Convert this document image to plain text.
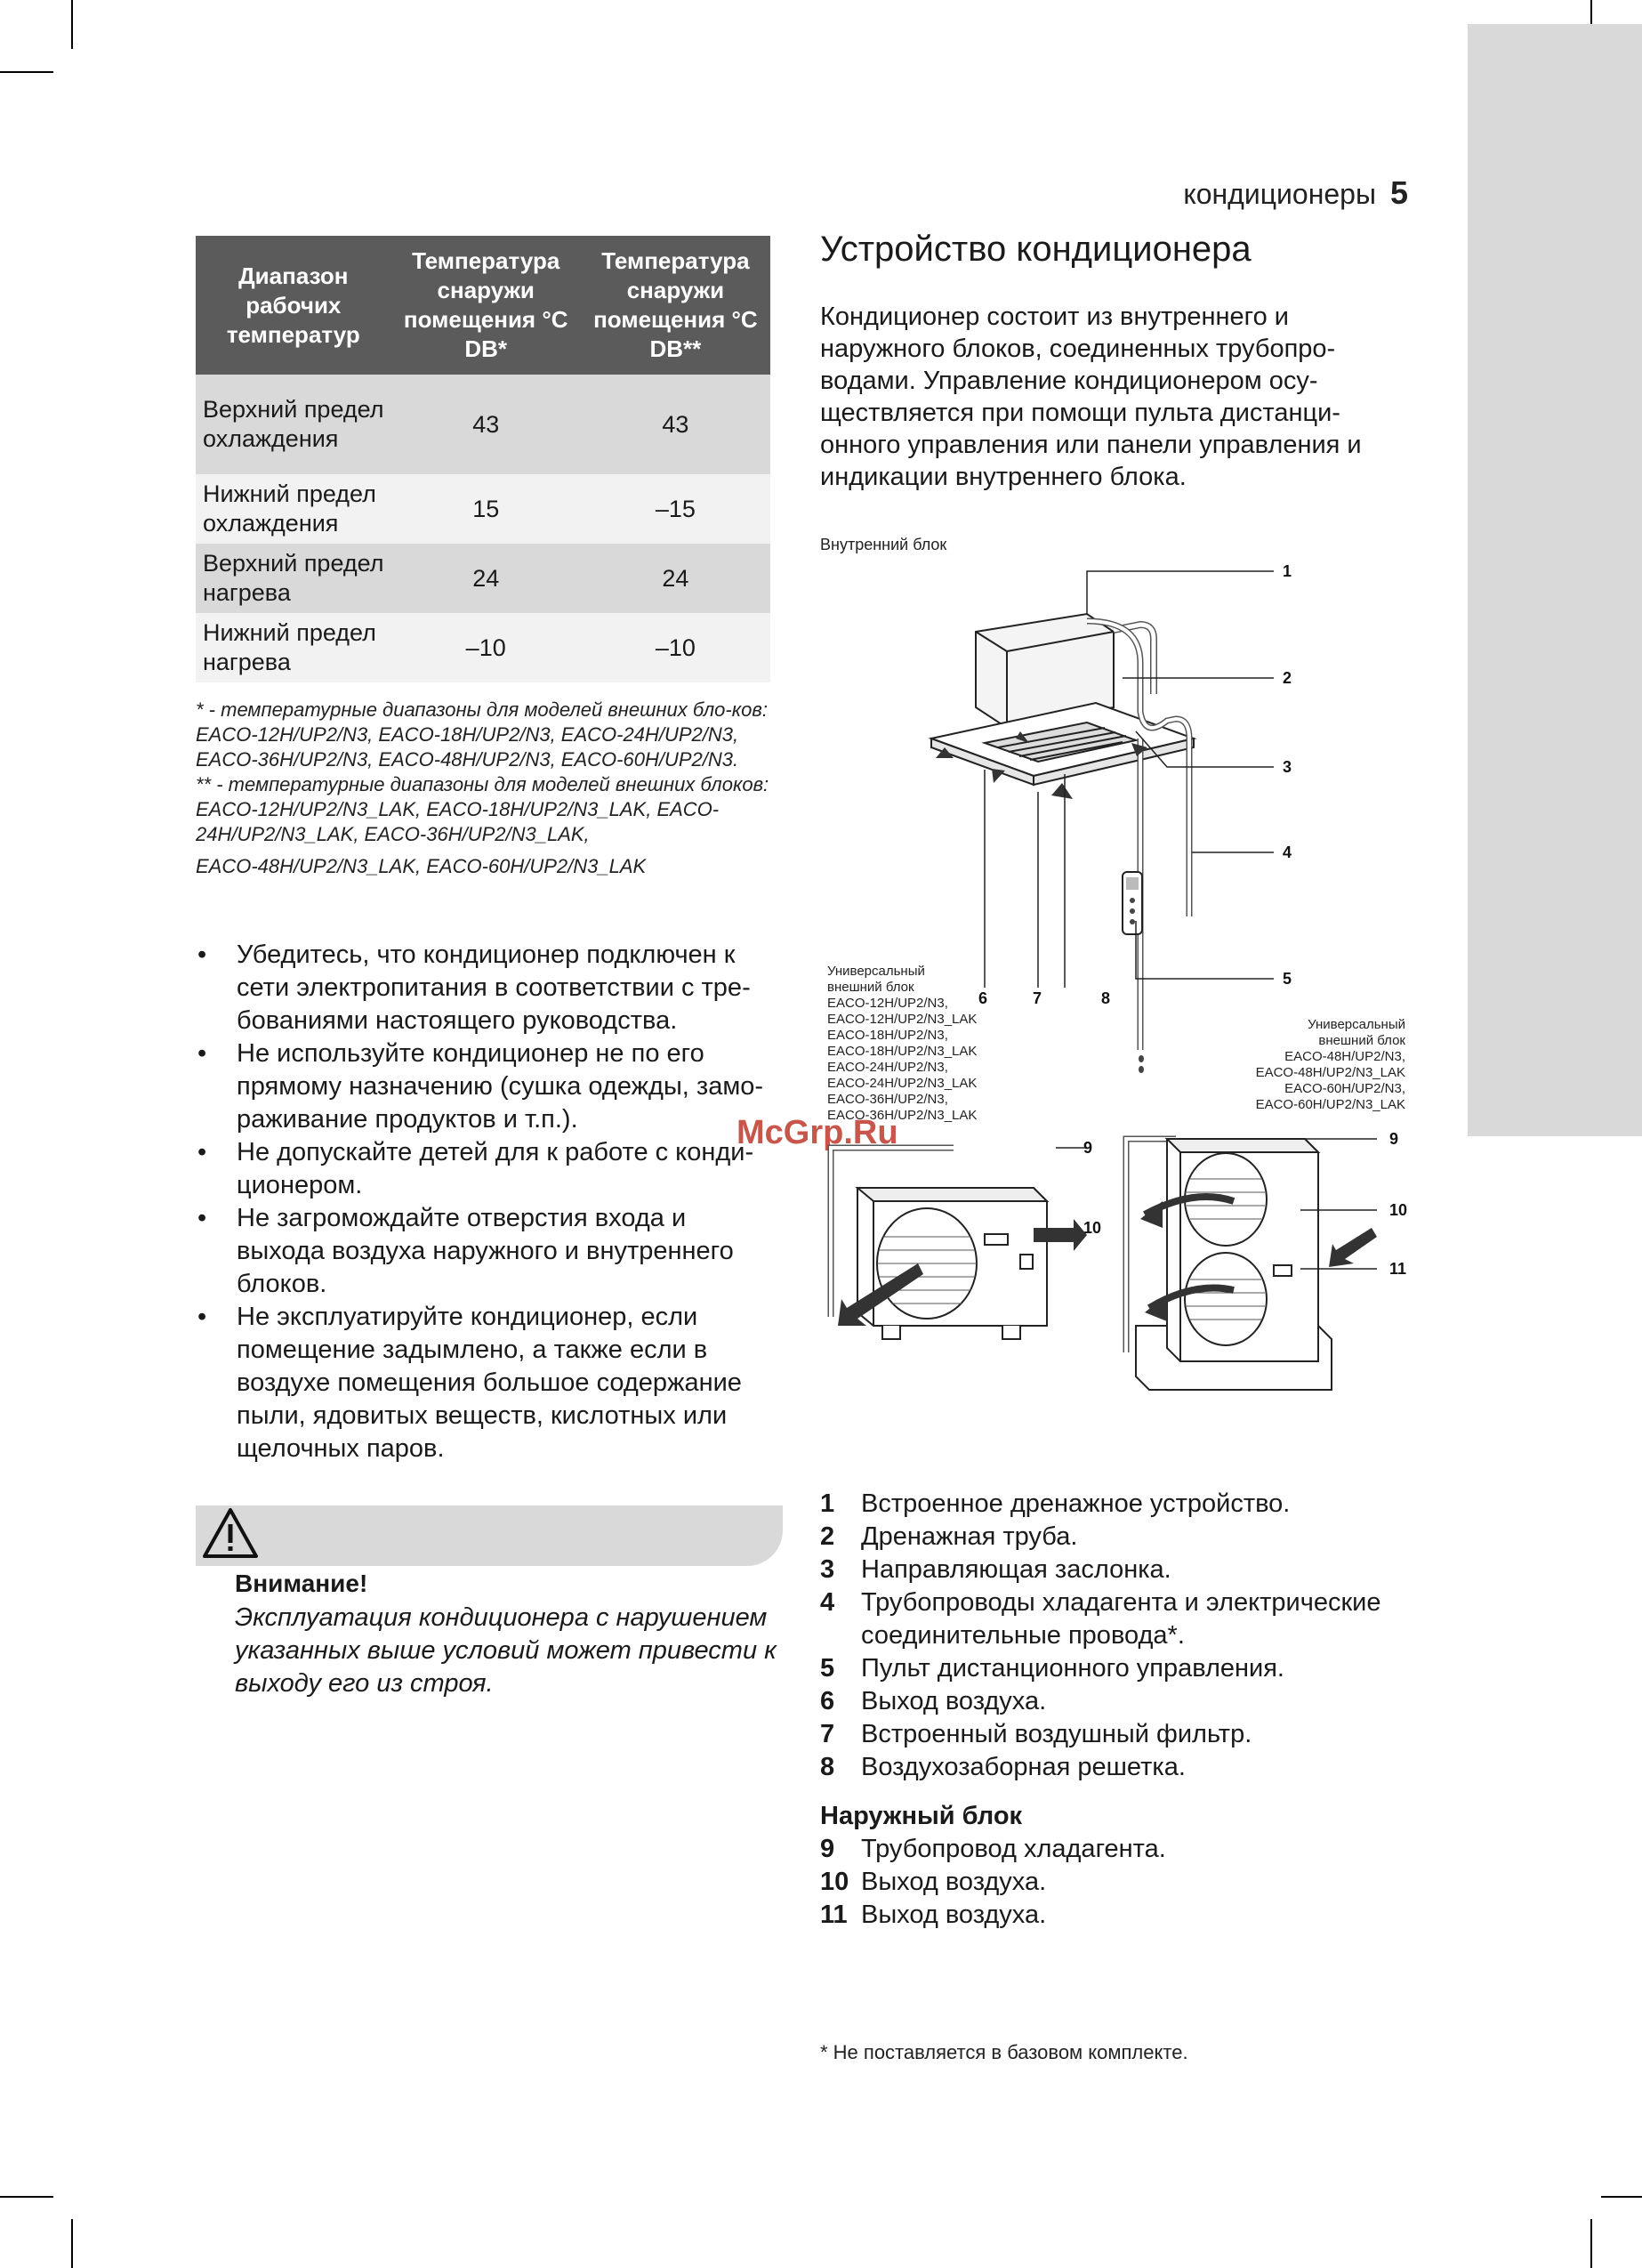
кондиционеры 5
Диапазон рабочих температур	Температура снаружи помещения °C DB*	Температура снаружи помещения °C DB**
Верхний предел охлаждения	43	43
Нижний предел охлаждения	15	–15
Верхний предел нагрева	24	24
Нижний предел нагрева	–10	–10

* - температурные диапазоны для моделей внешних бло-ков: EACO-12H/UP2/N3, EACO-18H/UP2/N3, EACO-24H/UP2/N3, EACO-36H/UP2/N3, EACO-48H/UP2/N3, EACO-60H/UP2/N3.

** - температурные диапазоны для моделей внешних блоков: EACO-12H/UP2/N3_LAK, EACO-18H/UP2/N3_LAK, EACO-24H/UP2/N3_LAK, EACO-36H/UP2/N3_LAK,

EACO-48H/UP2/N3_LAK, EACO-60H/UP2/N3_LAK

• Убедитесь, что кондиционер подключен к сети электропитания в соответствии с тре-бованиями настоящего руководства.
• Не используйте кондиционер не по его прямому назначению (сушка одежды, замо-раживание продуктов и т.п.).
• Не допускайте детей для к работе с конди-ционером.
• Не загромождайте отверстия входа и выхода воздуха наружного и внутреннего блоков.
• Не эксплуатируйте кондиционер, если помещение задымлено, а также если в воздухе помещения большое содержание пыли, ядовитых веществ, кислотных или щелочных паров.
Внимание!

Эксплуатация кондиционера с нарушением указанных выше условий может привести к выходу его из строя.

McGrp.Ru
Устройство кондиционера

Кондиционер состоит из внутреннего и наружного блоков, соединенных трубопро-водами. Управление кондиционером осу-ществляется при помощи пульта дистанци-онного управления или панели управления и индикации внутреннего блока.

Внутренний блок
1
2
3
4
5
6	7	8
Универсальный
внешний блок
EACO-12H/UP2/N3,
EACO-12H/UP2/N3_LAK
EACO-18H/UP2/N3,
EACO-18H/UP2/N3_LAK
EACO-24H/UP2/N3,
EACO-24H/UP2/N3_LAK
EACO-36H/UP2/N3,
EACO-36H/UP2/N3_LAK
Универсальный
внешний блок
EACO-48H/UP2/N3,
EACO-48H/UP2/N3_LAK
EACO-60H/UP2/N3,
EACO-60H/UP2/N3_LAK
9
10
9
10
11
1 Встроенное дренажное устройство.
2 Дренажная труба.
3 Направляющая заслонка.
4 Трубопроводы хладагента и электрические соединительные провода*.
5 Пульт дистанционного управления.
6 Выход воздуха.
7 Встроенный воздушный фильтр.
8 Воздухозаборная решетка.
Наружный блок
9 Трубопровод хладагента.
10 Выход воздуха.
11 Выход воздуха.
* Не поставляется в базовом комплекте.
